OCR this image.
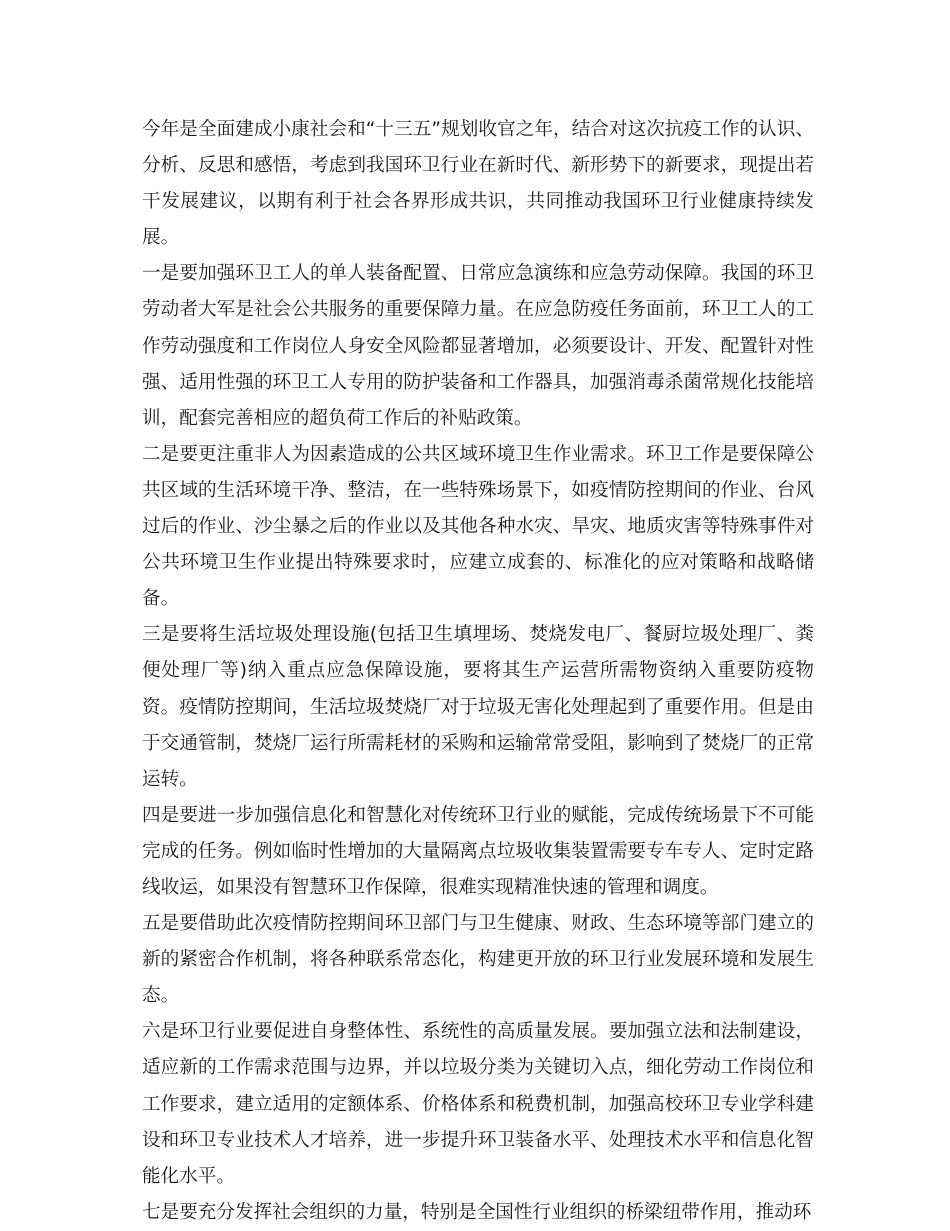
今年是全面建成小康社会和“十三五”规划收官之年，结合对这次抗疫工作的认识、分析、反思和感悟，考虑到我国环卫行业在新时代、新形势下的新要求，现提出若干发展建议，以期有利于社会各界形成共识，共同推动我国环卫行业健康持续发展。

一是要加强环卫工人的单人装备配置、日常应急演练和应急劳动保障。我国的环卫劳动者大军是社会公共服务的重要保障力量。在应急防疫任务面前，环卫工人的工作劳动强度和工作岗位人身安全风险都显著增加，必须要设计、开发、配置针对性强、适用性强的环卫工人专用的防护装备和工作器具，加强消毒杀菌常规化技能培训，配套完善相应的超负荷工作后的补贴政策。

二是要更注重非人为因素造成的公共区域环境卫生作业需求。环卫工作是要保障公共区域的生活环境干净、整洁，在一些特殊场景下，如疫情防控期间的作业、台风过后的作业、沙尘暴之后的作业以及其他各种水灾、旱灾、地质灾害等特殊事件对公共环境卫生作业提出特殊要求时，应建立成套的、标准化的应对策略和战略储备。

三是要将生活垃圾处理设施(包括卫生填埋场、焚烧发电厂、餐厨垃圾处理厂、粪便处理厂等)纳入重点应急保障设施，要将其生产运营所需物资纳入重要防疫物资。疫情防控期间，生活垃圾焚烧厂对于垃圾无害化处理起到了重要作用。但是由于交通管制，焚烧厂运行所需耗材的采购和运输常常受阻，影响到了焚烧厂的正常运转。

四是要进一步加强信息化和智慧化对传统环卫行业的赋能，完成传统场景下不可能完成的任务。例如临时性增加的大量隔离点垃圾收集装置需要专车专人、定时定路线收运，如果没有智慧环卫作保障，很难实现精准快速的管理和调度。

五是要借助此次疫情防控期间环卫部门与卫生健康、财政、生态环境等部门建立的新的紧密合作机制，将各种联系常态化，构建更开放的环卫行业发展环境和发展生态。

六是环卫行业要促进自身整体性、系统性的高质量发展。要加强立法和法制建设，适应新的工作需求范围与边界，并以垃圾分类为关键切入点，细化劳动工作岗位和工作要求，建立适用的定额体系、价格体系和税费机制，加强高校环卫专业学科建设和环卫专业技术人才培养，进一步提升环卫装备水平、处理技术水平和信息化智能化水平。

七是要充分发挥社会组织的力量，特别是全国性行业组织的桥梁纽带作用，推动环
